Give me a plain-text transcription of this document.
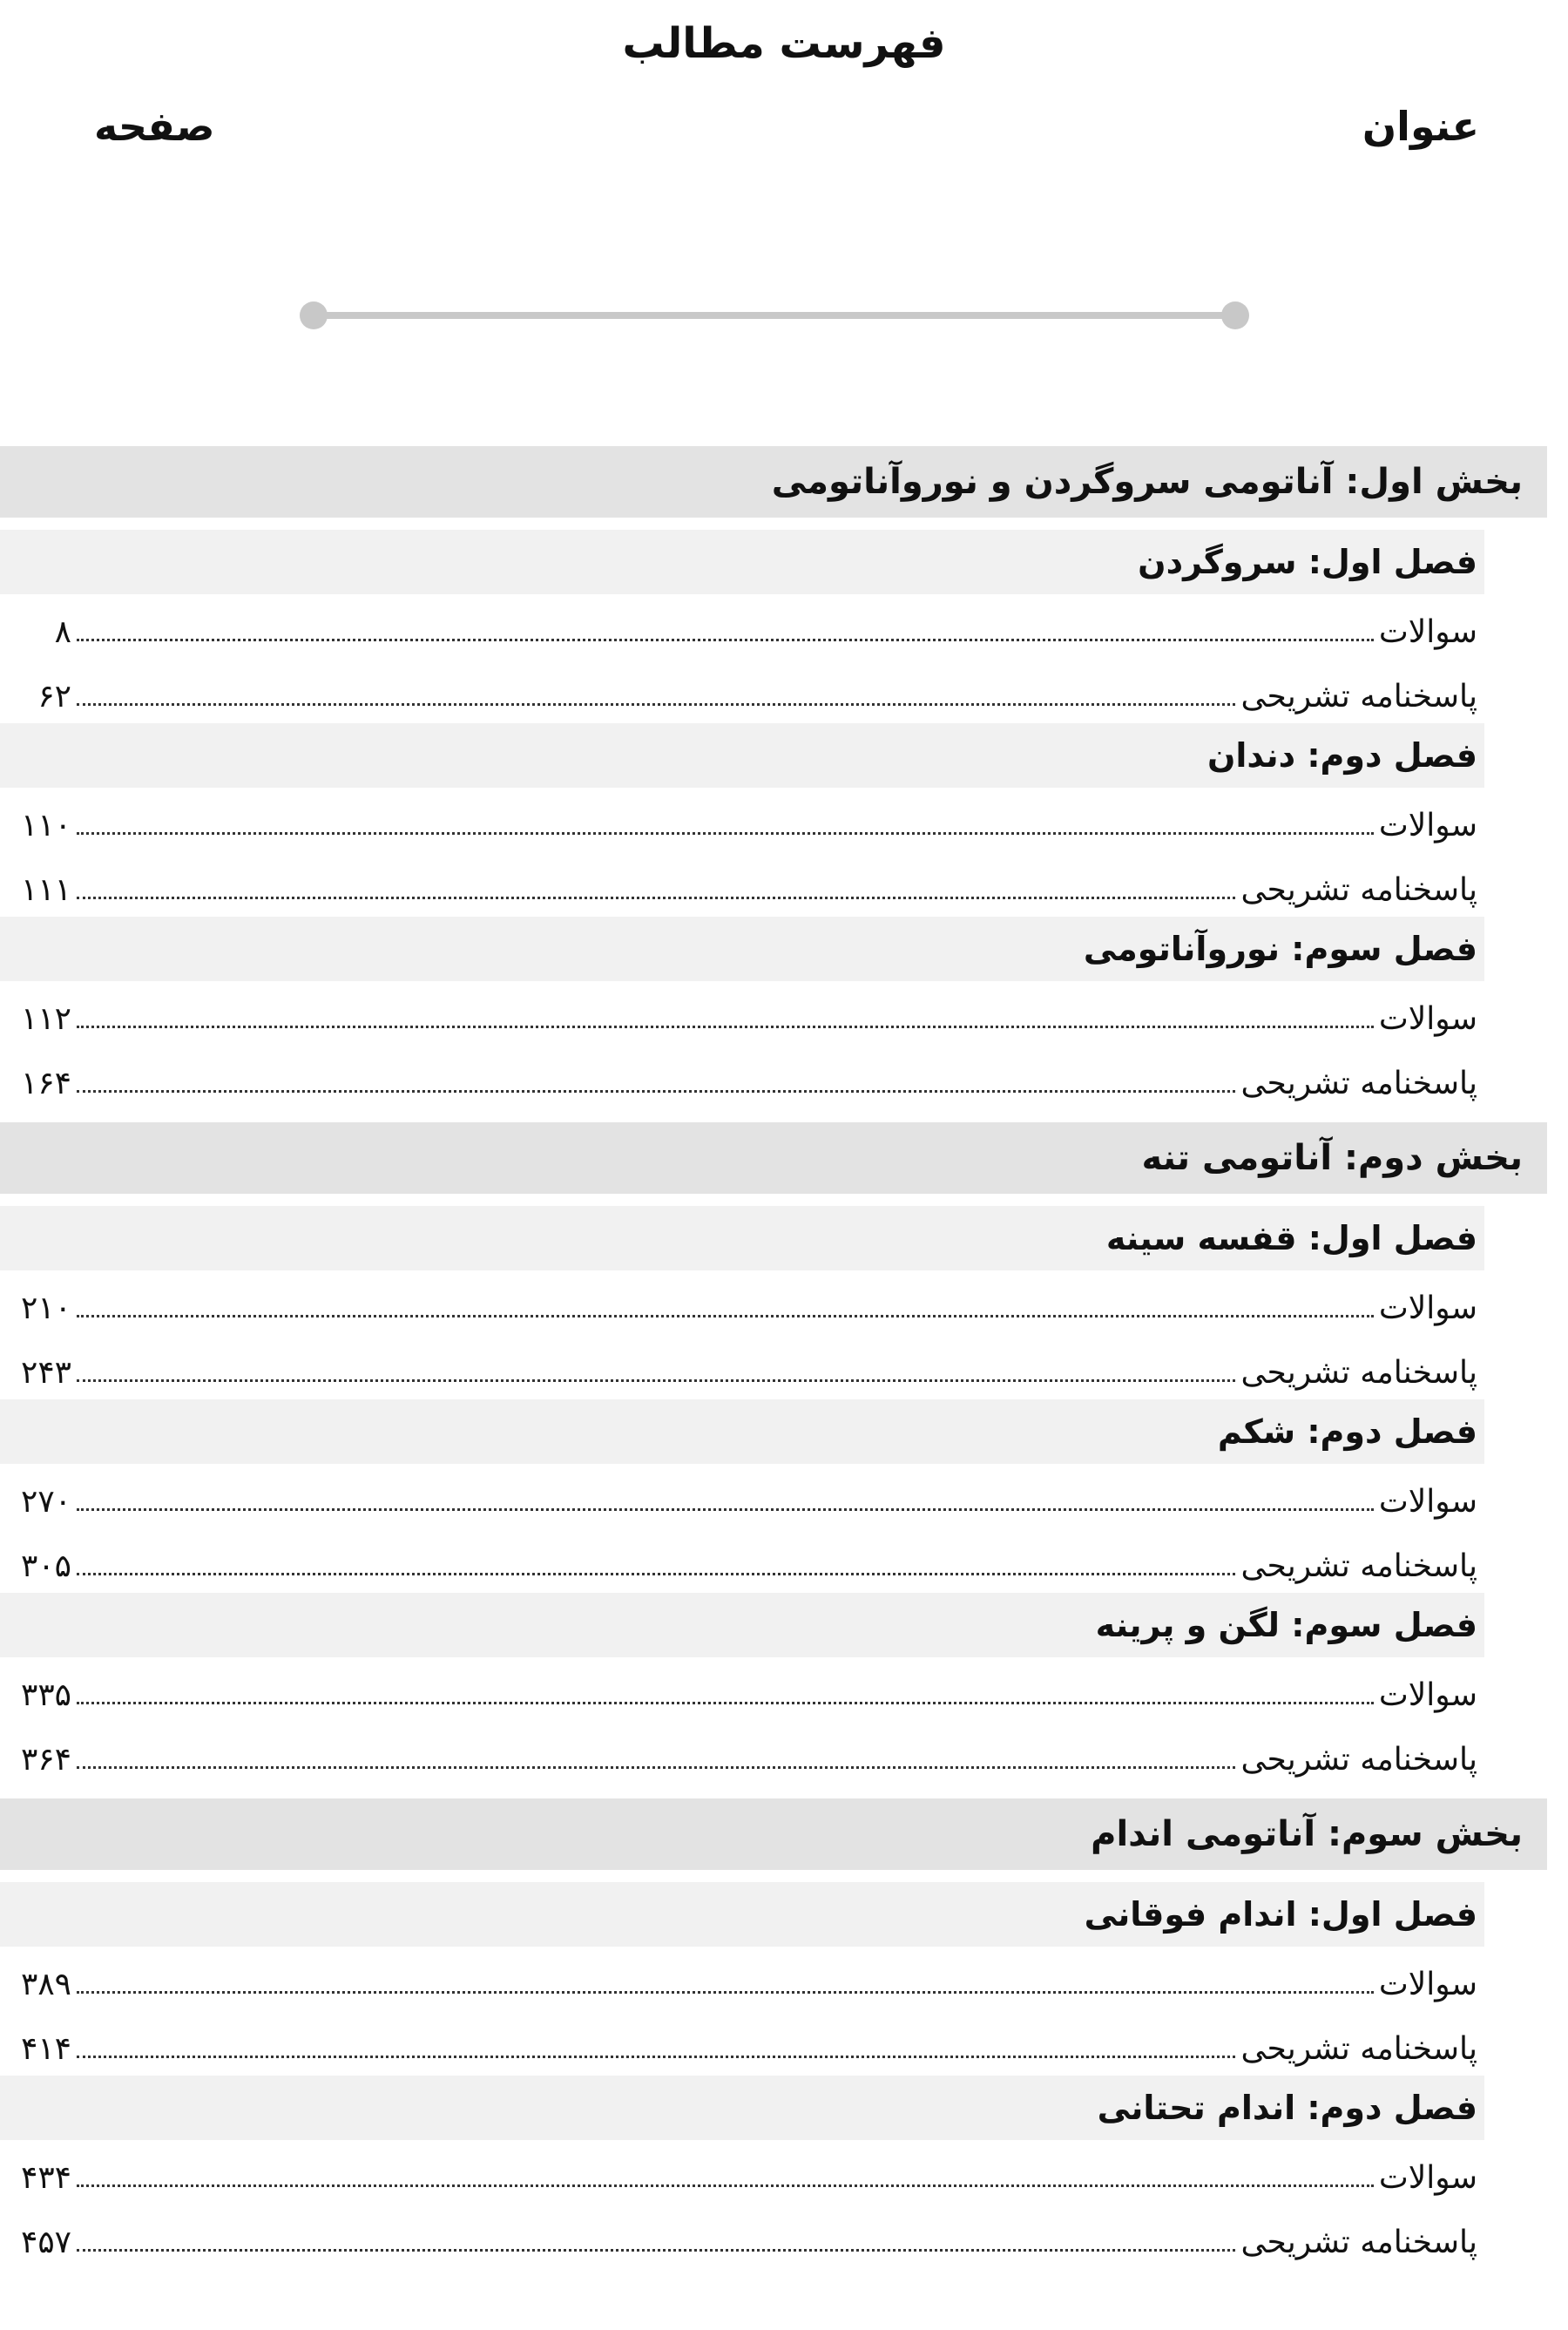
فهرست مطالب
عنوان
صفحه
بخش اول: آناتومی سروگردن و نوروآناتومی
فصل اول: سروگردن
سوالات
۸
پاسخنامه تشریحی
۶۲
فصل دوم: دندان
سوالات
۱۱۰
پاسخنامه تشریحی
۱۱۱
فصل سوم: نوروآناتومی
سوالات
۱۱۲
پاسخنامه تشریحی
۱۶۴
بخش دوم: آناتومی تنه
فصل اول: قفسه سینه
سوالات
۲۱۰
پاسخنامه تشریحی
۲۴۳
فصل دوم: شکم
سوالات
۲۷۰
پاسخنامه تشریحی
۳۰۵
فصل سوم: لگن و پرینه
سوالات
۳۳۵
پاسخنامه تشریحی
۳۶۴
بخش سوم: آناتومی اندام
فصل اول: اندام فوقانی
سوالات
۳۸۹
پاسخنامه تشریحی
۴۱۴
فصل دوم: اندام تحتانی
سوالات
۴۳۴
پاسخنامه تشریحی
۴۵۷
